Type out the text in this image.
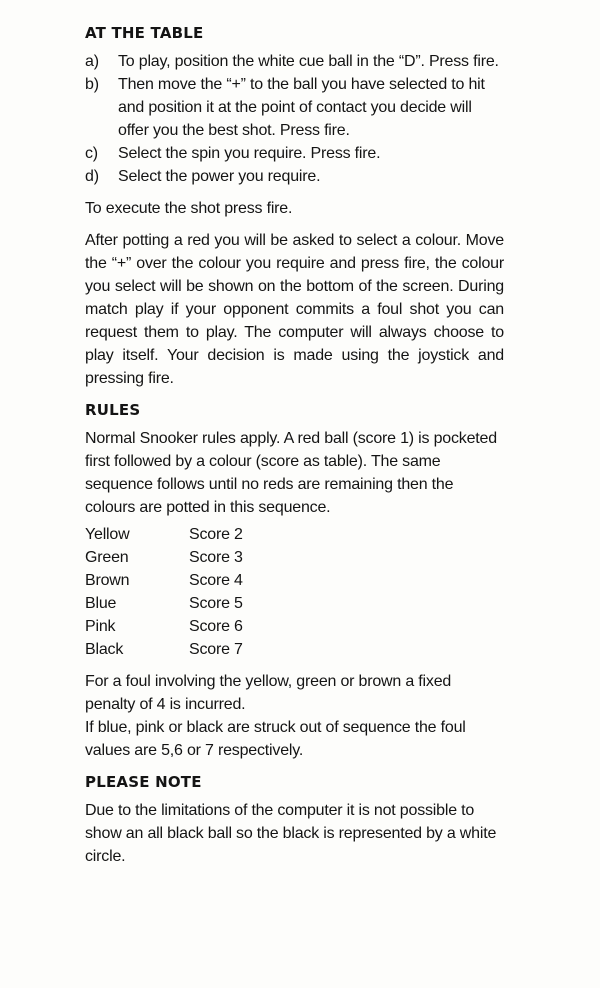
AT THE TABLE
a)	To play, position the white cue ball in the “D”. Press fire.
b)	Then move the “+” to the ball you have selected to hit and position it at the point of contact you decide will offer you the best shot. Press fire.
c)	Select the spin you require. Press fire.
d)	Select the power you require.

To execute the shot press fire.

After potting a red you will be asked to select a colour. Move the “+” over the colour you require and press fire, the colour you select will be shown on the bottom of the screen. During match play if your opponent commits a foul shot you can request them to play. The computer will always choose to play itself. Your decision is made using the joystick and pressing fire.

RULES

Normal Snooker rules apply. A red ball (score 1) is pocketed first followed by a colour (score as table). The same sequence follows until no reds are remaining then the colours are potted in this sequence.

Yellow	Score 2
Green	Score 3
Brown	Score 4
Blue	Score 5
Pink	Score 6
Black	Score 7

For a foul involving the yellow, green or brown a fixed penalty of 4 is incurred.

If blue, pink or black are struck out of sequence the foul values are 5,6 or 7 respectively.

PLEASE NOTE

Due to the limitations of the computer it is not possible to show an all black ball so the black is represented by a white circle.
